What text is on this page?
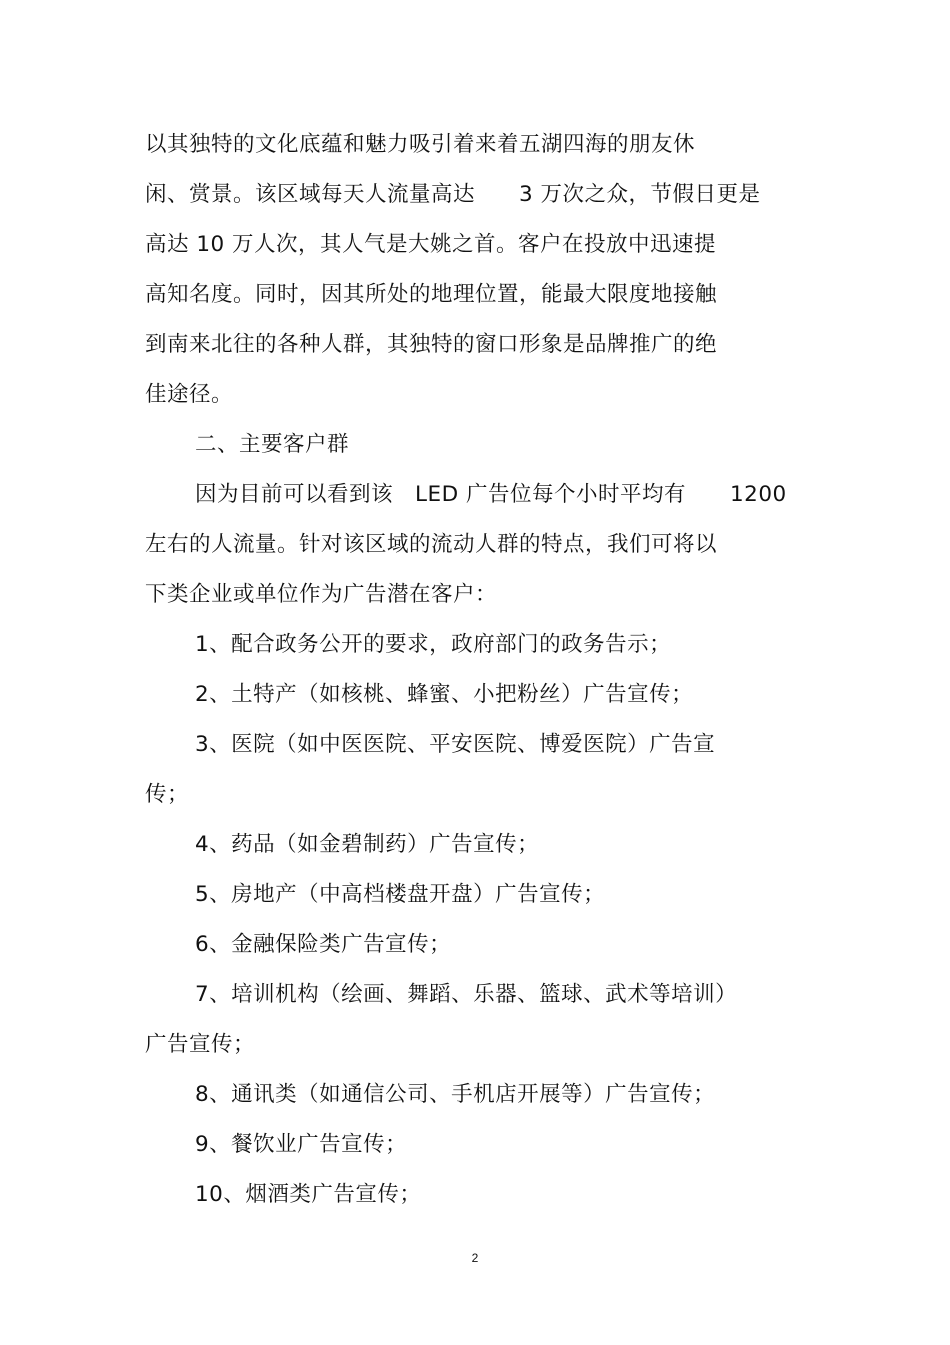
以其独特的文化底蕴和魅力吸引着来着五湖四海的朋友休
闲、赏景。该区域每天人流量高达　　3 万次之众，节假日更是
高达 10 万人次，其人气是大姚之首。客户在投放中迅速提
高知名度。同时，因其所处的地理位置，能最大限度地接触
到南来北往的各种人群，其独特的窗口形象是品牌推广的绝
佳途径。
二、主要客户群
因为目前可以看到该　LED 广告位每个小时平均有　　1200
左右的人流量。针对该区域的流动人群的特点，我们可将以
下类企业或单位作为广告潜在客户：
1、配合政务公开的要求，政府部门的政务告示；
2、土特产（如核桃、蜂蜜、小把粉丝）广告宣传；
3、医院（如中医医院、平安医院、博爱医院）广告宣
传；
4、药品（如金碧制药）广告宣传；
5、房地产（中高档楼盘开盘）广告宣传；
6、金融保险类广告宣传；
7、培训机构（绘画、舞蹈、乐器、篮球、武术等培训）
广告宣传；
8、通讯类（如通信公司、手机店开展等）广告宣传；
9、餐饮业广告宣传；
10、烟酒类广告宣传；
2
